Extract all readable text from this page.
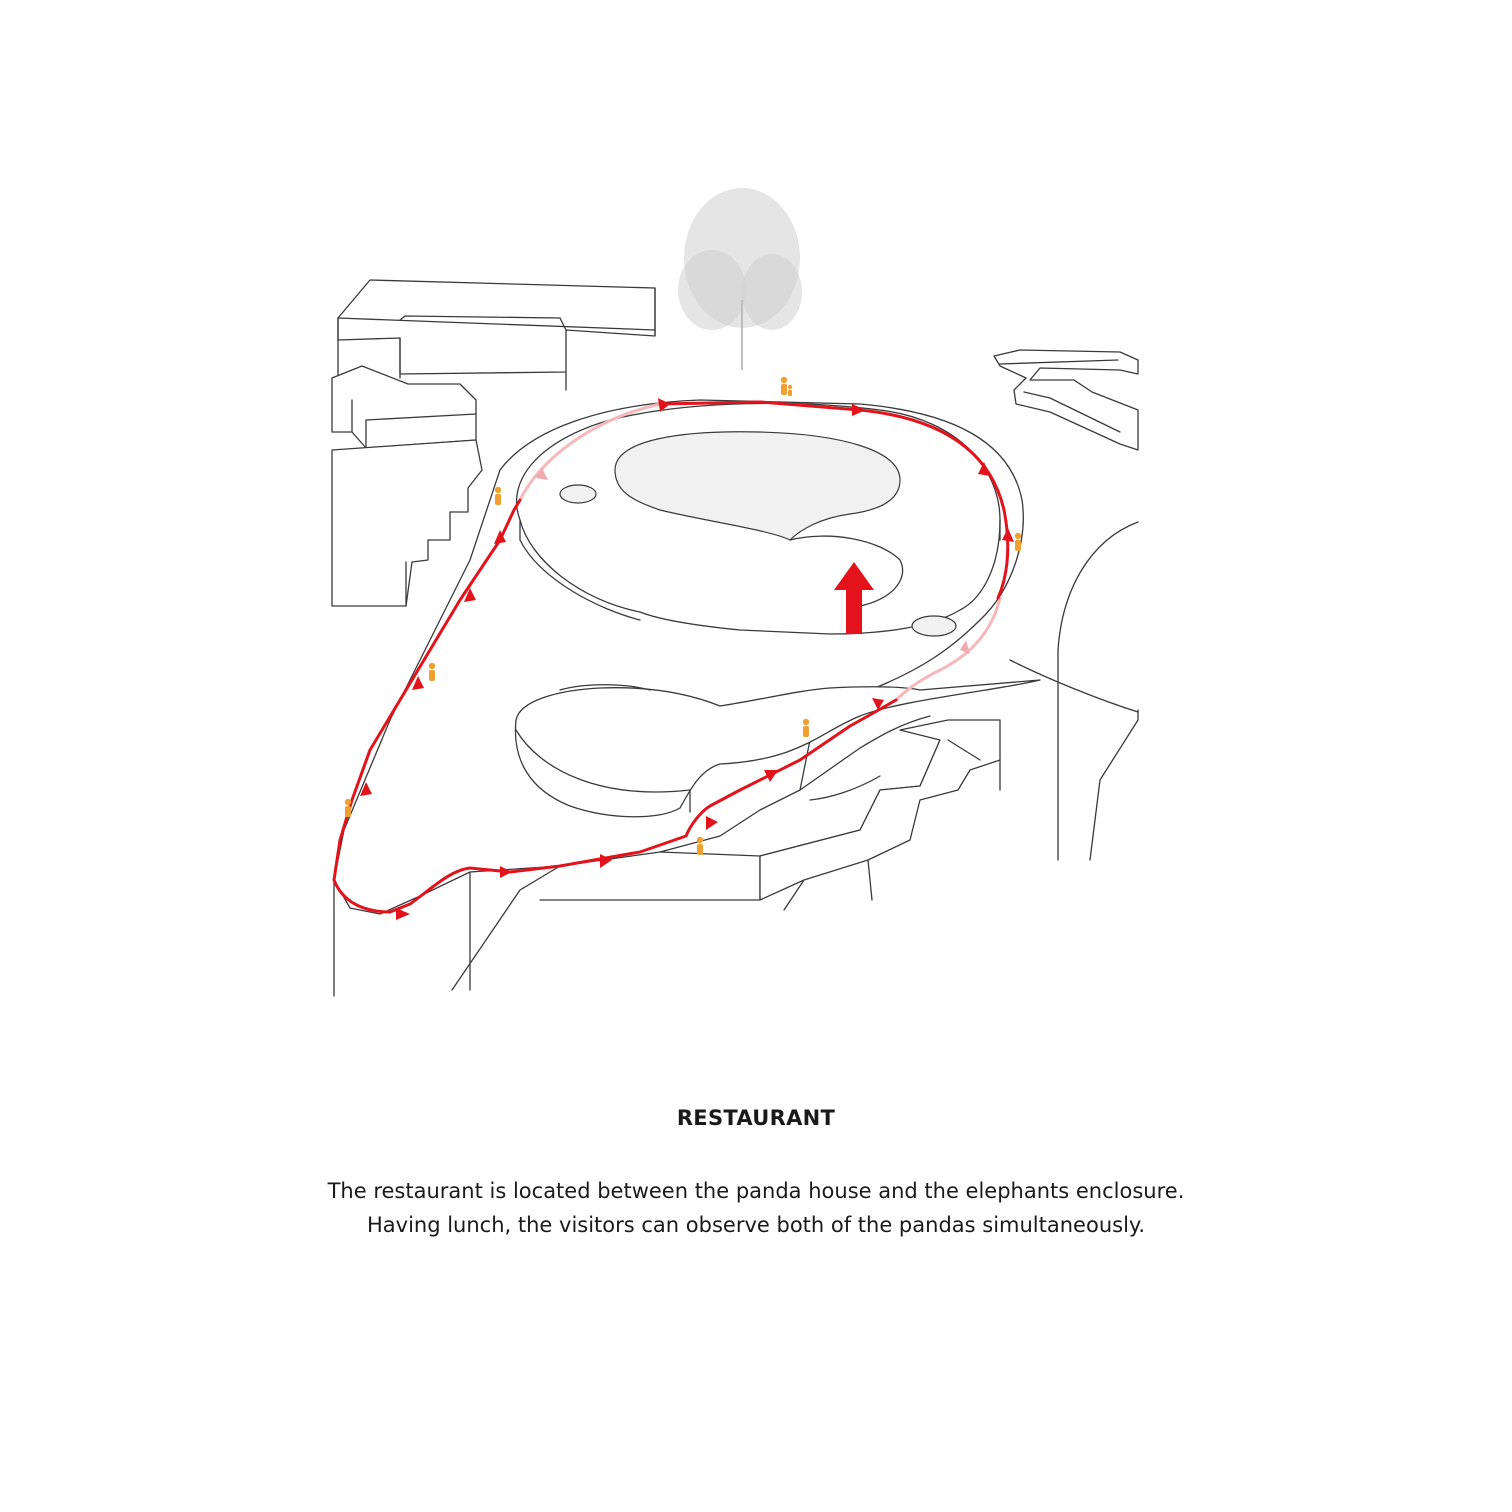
RESTAURANT
The restaurant is located between the panda house and the elephants enclosure. Having lunch, the visitors can observe both of the pandas simultaneously.
